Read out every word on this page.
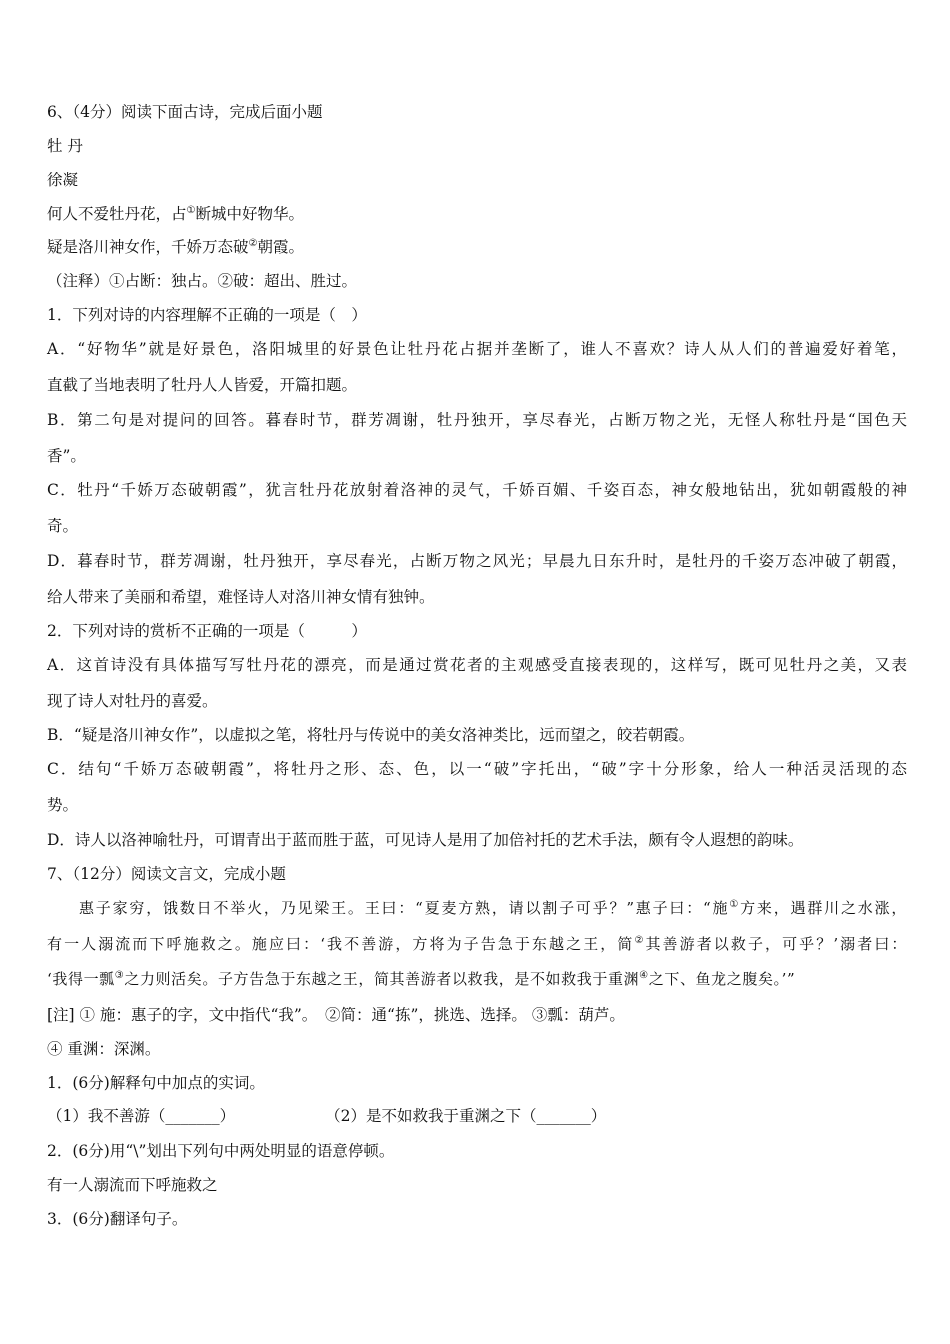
6、（4分）阅读下面古诗，完成后面小题
牡 丹
徐凝
何人不爱牡丹花，占①断城中好物华。
疑是洛川神女作，千娇万态破②朝霞。
（注释）①占断：独占。②破：超出、胜过。
1．下列对诗的内容理解不正确的一项是（　）
A．“好物华”就是好景色，洛阳城里的好景色让牡丹花占据并垄断了，谁人不喜欢？诗人从人们的普遍爱好着笔，
直截了当地表明了牡丹人人皆爱，开篇扣题。
B．第二句是对提问的回答。暮春时节，群芳凋谢，牡丹独开，享尽春光，占断万物之光，无怪人称牡丹是“国色天
香”。
C．牡丹“千娇万态破朝霞”，犹言牡丹花放射着洛神的灵气，千娇百媚、千姿百态，神女般地钻出，犹如朝霞般的神
奇。
D．暮春时节，群芳凋谢，牡丹独开，享尽春光，占断万物之风光；早晨九日东升时，是牡丹的千姿万态冲破了朝霞，
给人带来了美丽和希望，难怪诗人对洛川神女情有独钟。
2．下列对诗的赏析不正确的一项是（　　　）
A．这首诗没有具体描写写牡丹花的漂亮，而是通过赏花者的主观感受直接表现的，这样写，既可见牡丹之美，又表
现了诗人对牡丹的喜爱。
B．“疑是洛川神女作”，以虚拟之笔，将牡丹与传说中的美女洛神类比，远而望之，皎若朝霞。
C．结句“千娇万态破朝霞”，将牡丹之形、态、色，以一“破”字托出，“破”字十分形象，给人一种活灵活现的态
势。
D．诗人以洛神喻牡丹，可谓青出于蓝而胜于蓝，可见诗人是用了加倍衬托的艺术手法，颇有令人遐想的韵味。
7、（12分）阅读文言文，完成小题
惠子家穷，饿数日不举火，乃见梁王。王曰：“夏麦方熟，请以割子可乎？”惠子曰：“施①方来，遇群川之水涨，
有一人溺流而下呼施救之。施应曰：‘我不善游，方将为子告急于东越之王，简②其善游者以救子，可乎？’溺者曰：
‘我得一瓢③之力则活矣。子方告急于东越之王，简其善游者以救我，是不如救我于重渊④之下、鱼龙之腹矣。’”
[注] ① 施：惠子的字，文中指代“我”。　②简：通“拣”，挑选、选择。 ③瓢：葫芦。
④ 重渊：深渊。
1．(6分)解释句中加点的实词。
（1）我不善游（_______）	（2）是不如救我于重渊之下（_______）
2．(6分)用“\”划出下列句中两处明显的语意停顿。
有一人溺流而下呼施救之
3．(6分)翻译句子。
